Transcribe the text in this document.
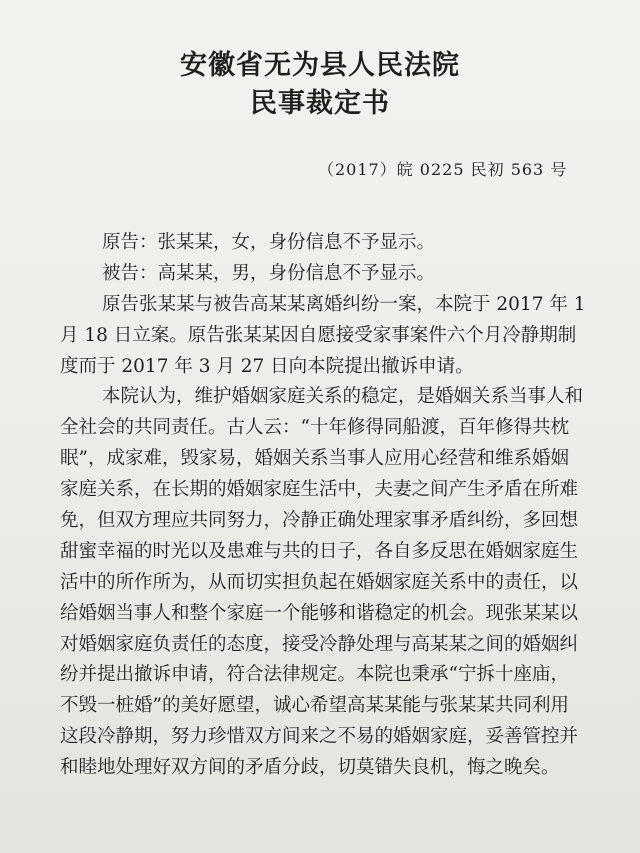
安徽省无为县人民法院
民事裁定书
（2017）皖 0225 民初 563 号
原告：张某某，女，身份信息不予显示。
被告：高某某，男，身份信息不予显示。
原告张某某与被告高某某离婚纠纷一案，本院于 2017 年 1
月 18 日立案。原告张某某因自愿接受家事案件六个月冷静期制
度而于 2017 年 3 月 27 日向本院提出撤诉申请。
本院认为，维护婚姻家庭关系的稳定，是婚姻关系当事人和
全社会的共同责任。古人云：“十年修得同船渡，百年修得共枕
眠”，成家难，毁家易，婚姻关系当事人应用心经营和维系婚姻
家庭关系，在长期的婚姻家庭生活中，夫妻之间产生矛盾在所难
免，但双方理应共同努力，冷静正确处理家事矛盾纠纷，多回想
甜蜜幸福的时光以及患难与共的日子，各自多反思在婚姻家庭生
活中的所作所为，从而切实担负起在婚姻家庭关系中的责任，以
给婚姻当事人和整个家庭一个能够和谐稳定的机会。现张某某以
对婚姻家庭负责任的态度，接受冷静处理与高某某之间的婚姻纠
纷并提出撤诉申请，符合法律规定。本院也秉承“宁拆十座庙，
不毁一桩婚”的美好愿望，诚心希望高某某能与张某某共同利用
这段冷静期，努力珍惜双方间来之不易的婚姻家庭，妥善管控并
和睦地处理好双方间的矛盾分歧，切莫错失良机，悔之晚矣。
